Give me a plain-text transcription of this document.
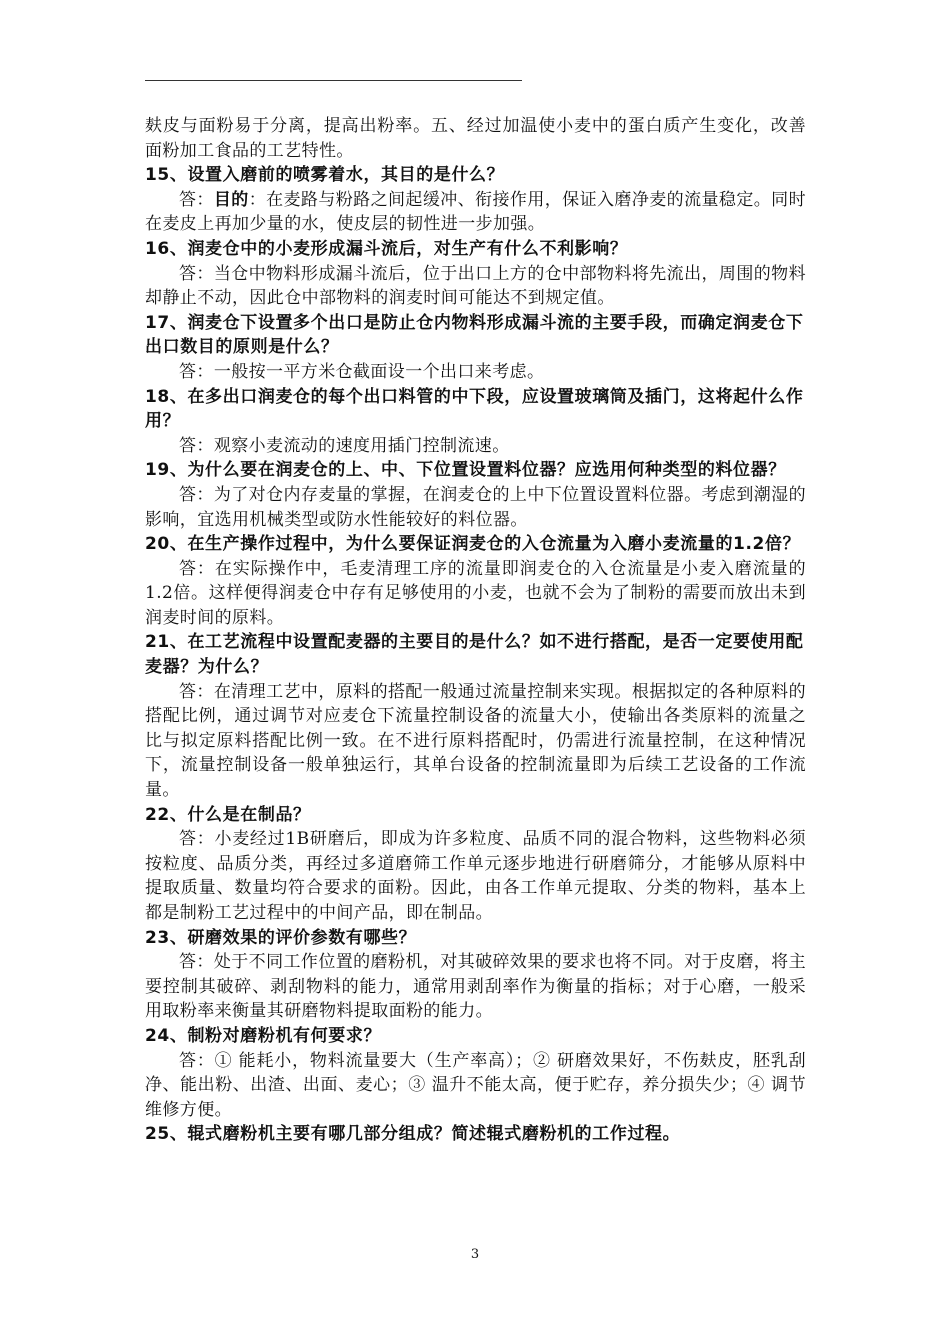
麸皮与面粉易于分离，提高出粉率。五、经过加温使小麦中的蛋白质产生变化，改善面粉加工食品的工艺特性。

15、设置入磨前的喷雾着水，其目的是什么？

答：目的：在麦路与粉路之间起缓冲、衔接作用，保证入磨净麦的流量稳定。同时在麦皮上再加少量的水，使皮层的韧性进一步加强。

16、润麦仓中的小麦形成漏斗流后，对生产有什么不利影响？

答：当仓中物料形成漏斗流后，位于出口上方的仓中部物料将先流出，周围的物料却静止不动，因此仓中部物料的润麦时间可能达不到规定值。

17、润麦仓下设置多个出口是防止仓内物料形成漏斗流的主要手段，而确定润麦仓下出口数目的原则是什么？

答：一般按一平方米仓截面设一个出口来考虑。

18、在多出口润麦仓的每个出口料管的中下段，应设置玻璃筒及插门，这将起什么作用？

答：观察小麦流动的速度用插门控制流速。

19、为什么要在润麦仓的上、中、下位置设置料位器？应选用何种类型的料位器？

答：为了对仓内存麦量的掌握，在润麦仓的上中下位置设置料位器。考虑到潮湿的影响，宜选用机械类型或防水性能较好的料位器。

20、在生产操作过程中，为什么要保证润麦仓的入仓流量为入磨小麦流量的1.2倍？

答：在实际操作中，毛麦清理工序的流量即润麦仓的入仓流量是小麦入磨流量的1.2倍。这样便得润麦仓中存有足够使用的小麦，也就不会为了制粉的需要而放出未到润麦时间的原料。

21、在工艺流程中设置配麦器的主要目的是什么？如不进行搭配，是否一定要使用配麦器？为什么？

答：在清理工艺中，原料的搭配一般通过流量控制来实现。根据拟定的各种原料的搭配比例，通过调节对应麦仓下流量控制设备的流量大小，使输出各类原料的流量之比与拟定原料搭配比例一致。在不进行原料搭配时，仍需进行流量控制，在这种情况下，流量控制设备一般单独运行，其单台设备的控制流量即为后续工艺设备的工作流量。

22、什么是在制品？

答：小麦经过1B研磨后，即成为许多粒度、品质不同的混合物料，这些物料必须按粒度、品质分类，再经过多道磨筛工作单元逐步地进行研磨筛分，才能够从原料中提取质量、数量均符合要求的面粉。因此，由各工作单元提取、分类的物料，基本上都是制粉工艺过程中的中间产品，即在制品。

23、研磨效果的评价参数有哪些？

答：处于不同工作位置的磨粉机，对其破碎效果的要求也将不同。对于皮磨，将主要控制其破碎、剥刮物料的能力，通常用剥刮率作为衡量的指标；对于心磨，一般采用取粉率来衡量其研磨物料提取面粉的能力。

24、制粉对磨粉机有何要求？

答：① 能耗小，物料流量要大（生产率高）；② 研磨效果好，不伤麸皮，胚乳刮净、能出粉、出渣、出面、麦心；③ 温升不能太高，便于贮存，养分损失少；④ 调节维修方便。

25、辊式磨粉机主要有哪几部分组成？简述辊式磨粉机的工作过程。

3
